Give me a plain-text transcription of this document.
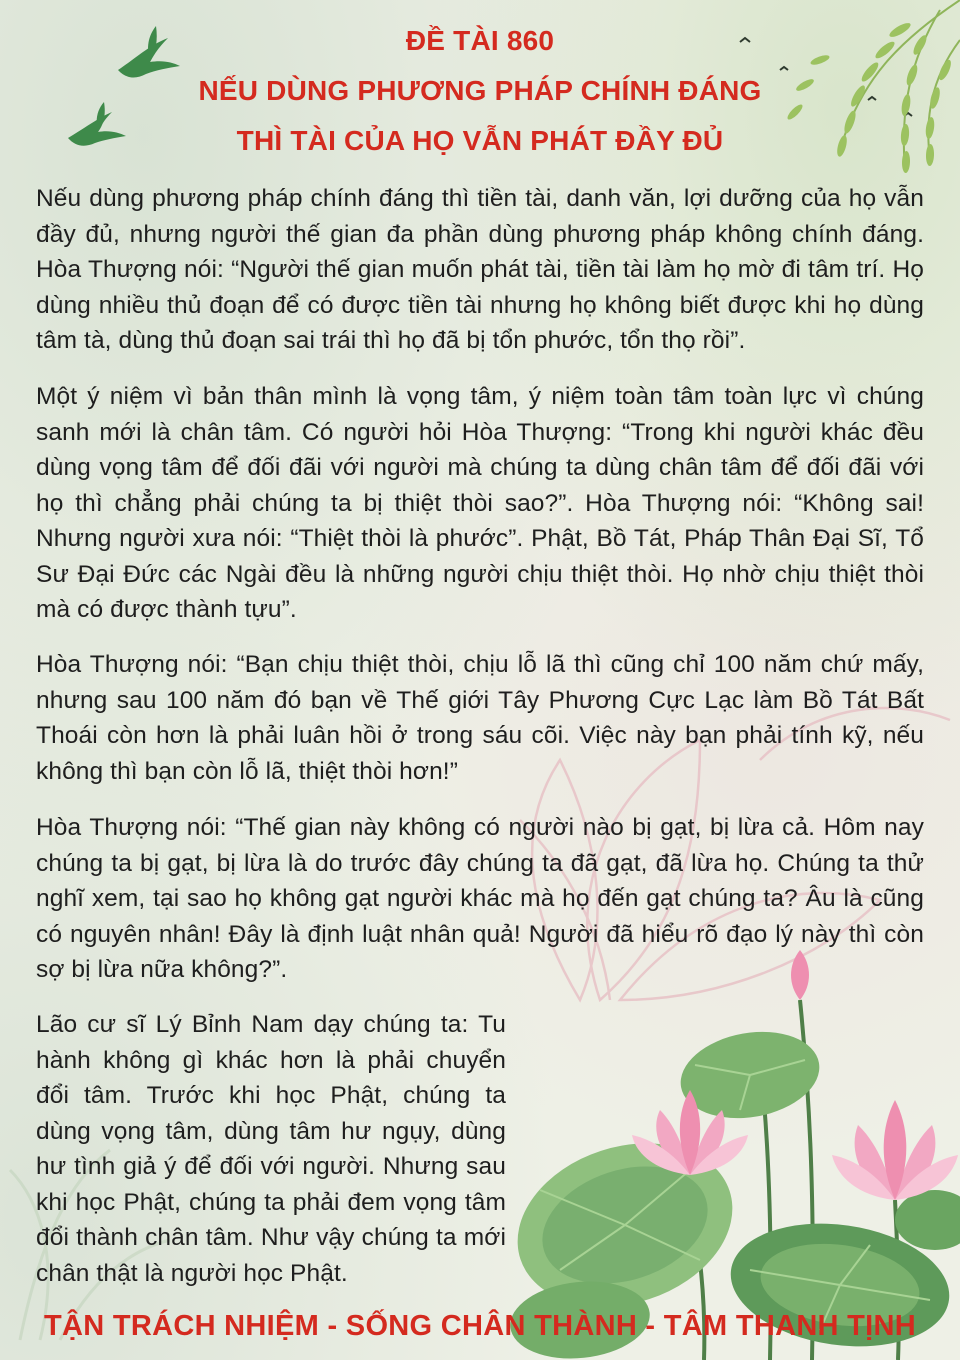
ĐỀ TÀI 860
NẾU DÙNG PHƯƠNG PHÁP CHÍNH ĐÁNG
THÌ TÀI CỦA HỌ VẪN PHÁT ĐẦY ĐỦ
Nếu dùng phương pháp chính đáng thì tiền tài, danh văn, lợi dưỡng của họ vẫn đầy đủ, nhưng người thế gian đa phần dùng phương pháp không chính đáng. Hòa Thượng nói: “Người thế gian muốn phát tài, tiền tài làm họ mờ đi tâm trí. Họ dùng nhiều thủ đoạn để có được tiền tài nhưng họ không biết được khi họ dùng tâm tà, dùng thủ đoạn sai trái thì họ đã bị tổn phước, tổn thọ rồi”.
Một ý niệm vì bản thân mình là vọng tâm, ý niệm toàn tâm toàn lực vì chúng sanh mới là chân tâm. Có người hỏi Hòa Thượng: “Trong khi người khác đều dùng vọng tâm để đối đãi với người mà chúng ta dùng chân tâm để đối đãi với họ thì chẳng phải chúng ta bị thiệt thòi sao?”. Hòa Thượng nói: “Không sai! Nhưng người xưa nói: “Thiệt thòi là phước”. Phật, Bồ Tát, Pháp Thân Đại Sĩ, Tổ Sư Đại Đức các Ngài đều là những người chịu thiệt thòi. Họ nhờ chịu thiệt thòi mà có được thành tựu”.
Hòa Thượng nói: “Bạn chịu thiệt thòi, chịu lỗ lã thì cũng chỉ 100 năm chứ mấy, nhưng sau 100 năm đó bạn về Thế giới Tây Phương Cực Lạc làm Bồ Tát Bất Thoái còn hơn là phải luân hồi ở trong sáu cõi. Việc này bạn phải tính kỹ, nếu không thì bạn còn lỗ lã, thiệt thòi hơn!”
Hòa Thượng nói: “Thế gian này không có người nào bị gạt, bị lừa cả. Hôm nay chúng ta bị gạt, bị lừa là do trước đây chúng ta đã gạt, đã lừa họ. Chúng ta thử nghĩ xem, tại sao họ không gạt người khác mà họ đến gạt chúng ta? Âu là cũng có nguyên nhân! Đây là định luật nhân quả! Người đã hiểu rõ đạo lý này thì còn sợ bị lừa nữa không?”.
Lão cư sĩ Lý Bỉnh Nam dạy chúng ta: Tu hành không gì khác hơn là phải chuyển đổi tâm. Trước khi học Phật, chúng ta dùng vọng tâm, dùng tâm hư ngụy, dùng hư tình giả ý để đối với người. Nhưng sau khi học Phật, chúng ta phải đem vọng tâm đổi thành chân tâm. Như vậy chúng ta mới chân thật là người học Phật.
TẬN TRÁCH NHIỆM - SỐNG CHÂN THÀNH - TÂM THANH TỊNH
